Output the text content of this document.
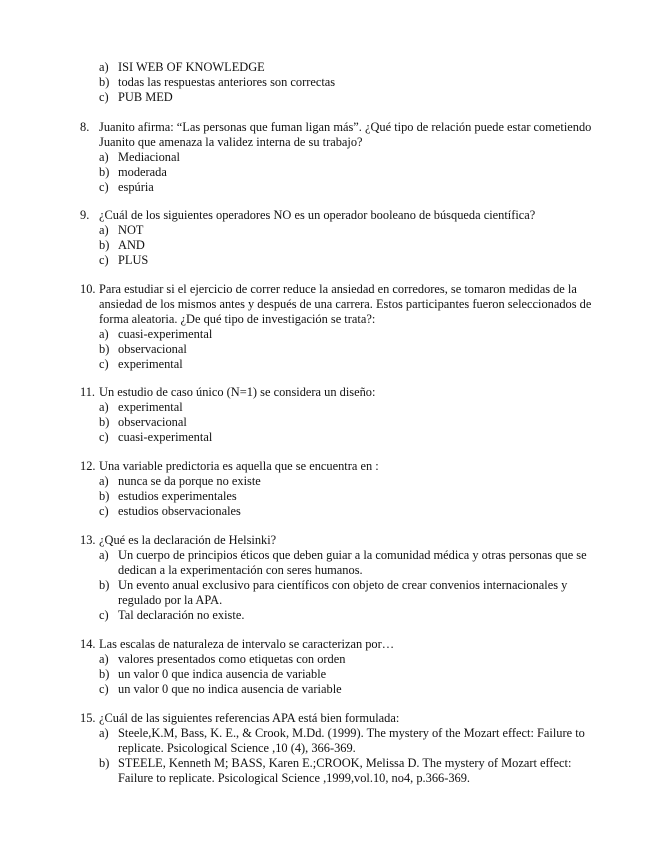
a) ISI WEB OF KNOWLEDGE
b) todas las respuestas anteriores son correctas
c) PUB MED
8. Juanito afirma: “Las personas que fuman ligan más”. ¿Qué tipo de relación puede estar cometiendo Juanito que amenaza la validez interna de su trabajo?
a) Mediacional
b) moderada
c) espúria
9. ¿Cuál de los siguientes operadores NO es un operador booleano de búsqueda científica?
a) NOT
b) AND
c) PLUS
10. Para estudiar si el ejercicio de correr reduce la ansiedad en corredores, se tomaron medidas de la ansiedad de los mismos antes y después de una carrera. Estos participantes fueron seleccionados de forma aleatoria. ¿De qué tipo de investigación se trata?:
a) cuasi-experimental
b) observacional
c) experimental
11. Un estudio de caso único (N=1) se considera un diseño:
a) experimental
b) observacional
c) cuasi-experimental
12. Una variable predictoria es aquella que se encuentra en :
a) nunca se da porque no existe
b) estudios experimentales
c) estudios observacionales
13. ¿Qué es la declaración de Helsinki?
a) Un cuerpo de principios éticos que deben guiar a la comunidad médica y otras personas que se dedican a la experimentación con seres humanos.
b) Un evento anual exclusivo para científicos con objeto de crear convenios internacionales y regulado por la APA.
c) Tal declaración no existe.
14. Las escalas de naturaleza de intervalo se caracterizan por…
a) valores presentados como etiquetas con orden
b) un valor 0 que indica ausencia de variable
c) un valor 0 que no indica ausencia de variable
15. ¿Cuál de las siguientes referencias APA está bien formulada:
a) Steele,K.M, Bass, K. E., & Crook, M.Dd. (1999). The mystery of the Mozart effect: Failure to replicate. Psicological Science ,10 (4), 366-369.
b) STEELE, Kenneth M; BASS, Karen E.;CROOK, Melissa D. The mystery of Mozart effect: Failure to replicate. Psicological Science ,1999,vol.10, no4, p.366-369.
